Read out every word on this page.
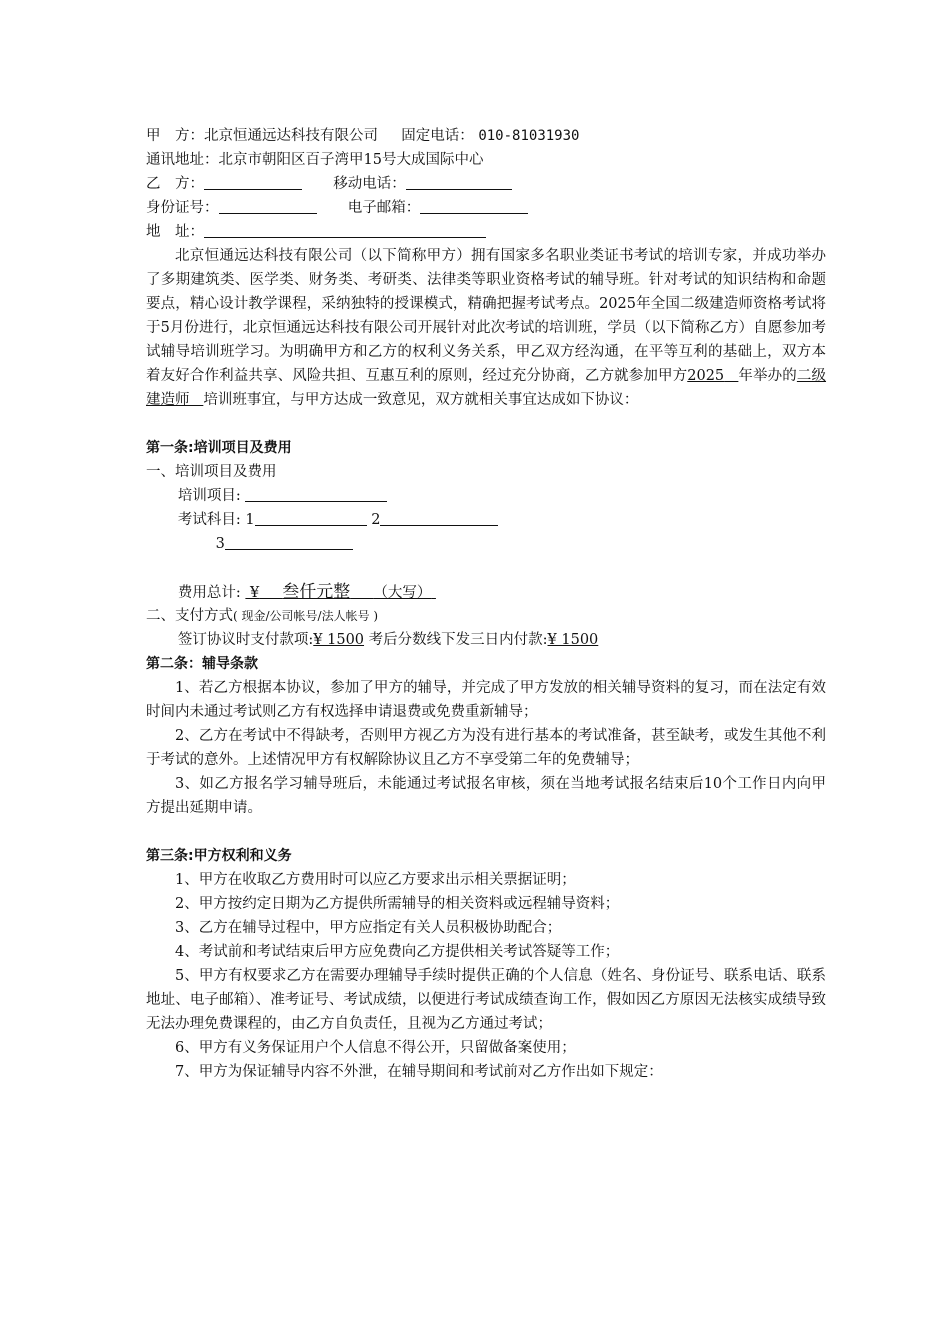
甲　方：北京恒通远达科技有限公司 固定电话： 010-81031930
通讯地址：北京市朝阳区百子湾甲15号大成国际中心
乙　方：	移动电话：
身份证号：	电子邮箱：
地　址：
北京恒通远达科技有限公司（以下简称甲方）拥有国家多名职业类证书考试的培训专家，并成功举办了多期建筑类、医学类、财务类、考研类、法律类等职业资格考试的辅导班。针对考试的知识结构和命题要点，精心设计教学课程，采纳独特的授课模式，精确把握考试考点。2025年全国二级建造师资格考试将于5月份进行，北京恒通远达科技有限公司开展针对此次考试的培训班，学员（以下简称乙方）自愿参加考试辅导培训班学习。为明确甲方和乙方的权利义务关系，甲乙双方经沟通，在平等互利的基础上，双方本着友好合作利益共享、风险共担、互惠互利的原则，经过充分协商，乙方就参加甲方2025 年举办的二级建造师 培训班事宜，与甲方达成一致意见，双方就相关事宜达成如下协议：
第一条:培训项目及费用
一、培训项目及费用
培训项目:
考试科目: 1	2
3
费用总计: ¥ 叁仟元整 （大写）
二、支付方式( 现金/公司帐号/法人帐号 )
签订协议时支付款项:¥ 1500 考后分数线下发三日内付款:¥ 1500
第二条：辅导条款
1、若乙方根据本协议，参加了甲方的辅导，并完成了甲方发放的相关辅导资料的复习，而在法定有效时间内未通过考试则乙方有权选择申请退费或免费重新辅导；
2、乙方在考试中不得缺考，否则甲方视乙方为没有进行基本的考试准备，甚至缺考，或发生其他不利于考试的意外。上述情况甲方有权解除协议且乙方不享受第二年的免费辅导；
3、如乙方报名学习辅导班后，未能通过考试报名审核，须在当地考试报名结束后10个工作日内向甲方提出延期申请。
第三条:甲方权利和义务
1、甲方在收取乙方费用时可以应乙方要求出示相关票据证明；
2、甲方按约定日期为乙方提供所需辅导的相关资料或远程辅导资料；
3、乙方在辅导过程中，甲方应指定有关人员积极协助配合；
4、考试前和考试结束后甲方应免费向乙方提供相关考试答疑等工作；
5、甲方有权要求乙方在需要办理辅导手续时提供正确的个人信息（姓名、身份证号、联系电话、联系地址、电子邮箱）、准考证号、考试成绩，以便进行考试成绩查询工作，假如因乙方原因无法核实成绩导致无法办理免费课程的，由乙方自负责任，且视为乙方通过考试；
6、甲方有义务保证用户个人信息不得公开，只留做备案使用；
7、甲方为保证辅导内容不外泄，在辅导期间和考试前对乙方作出如下规定：
